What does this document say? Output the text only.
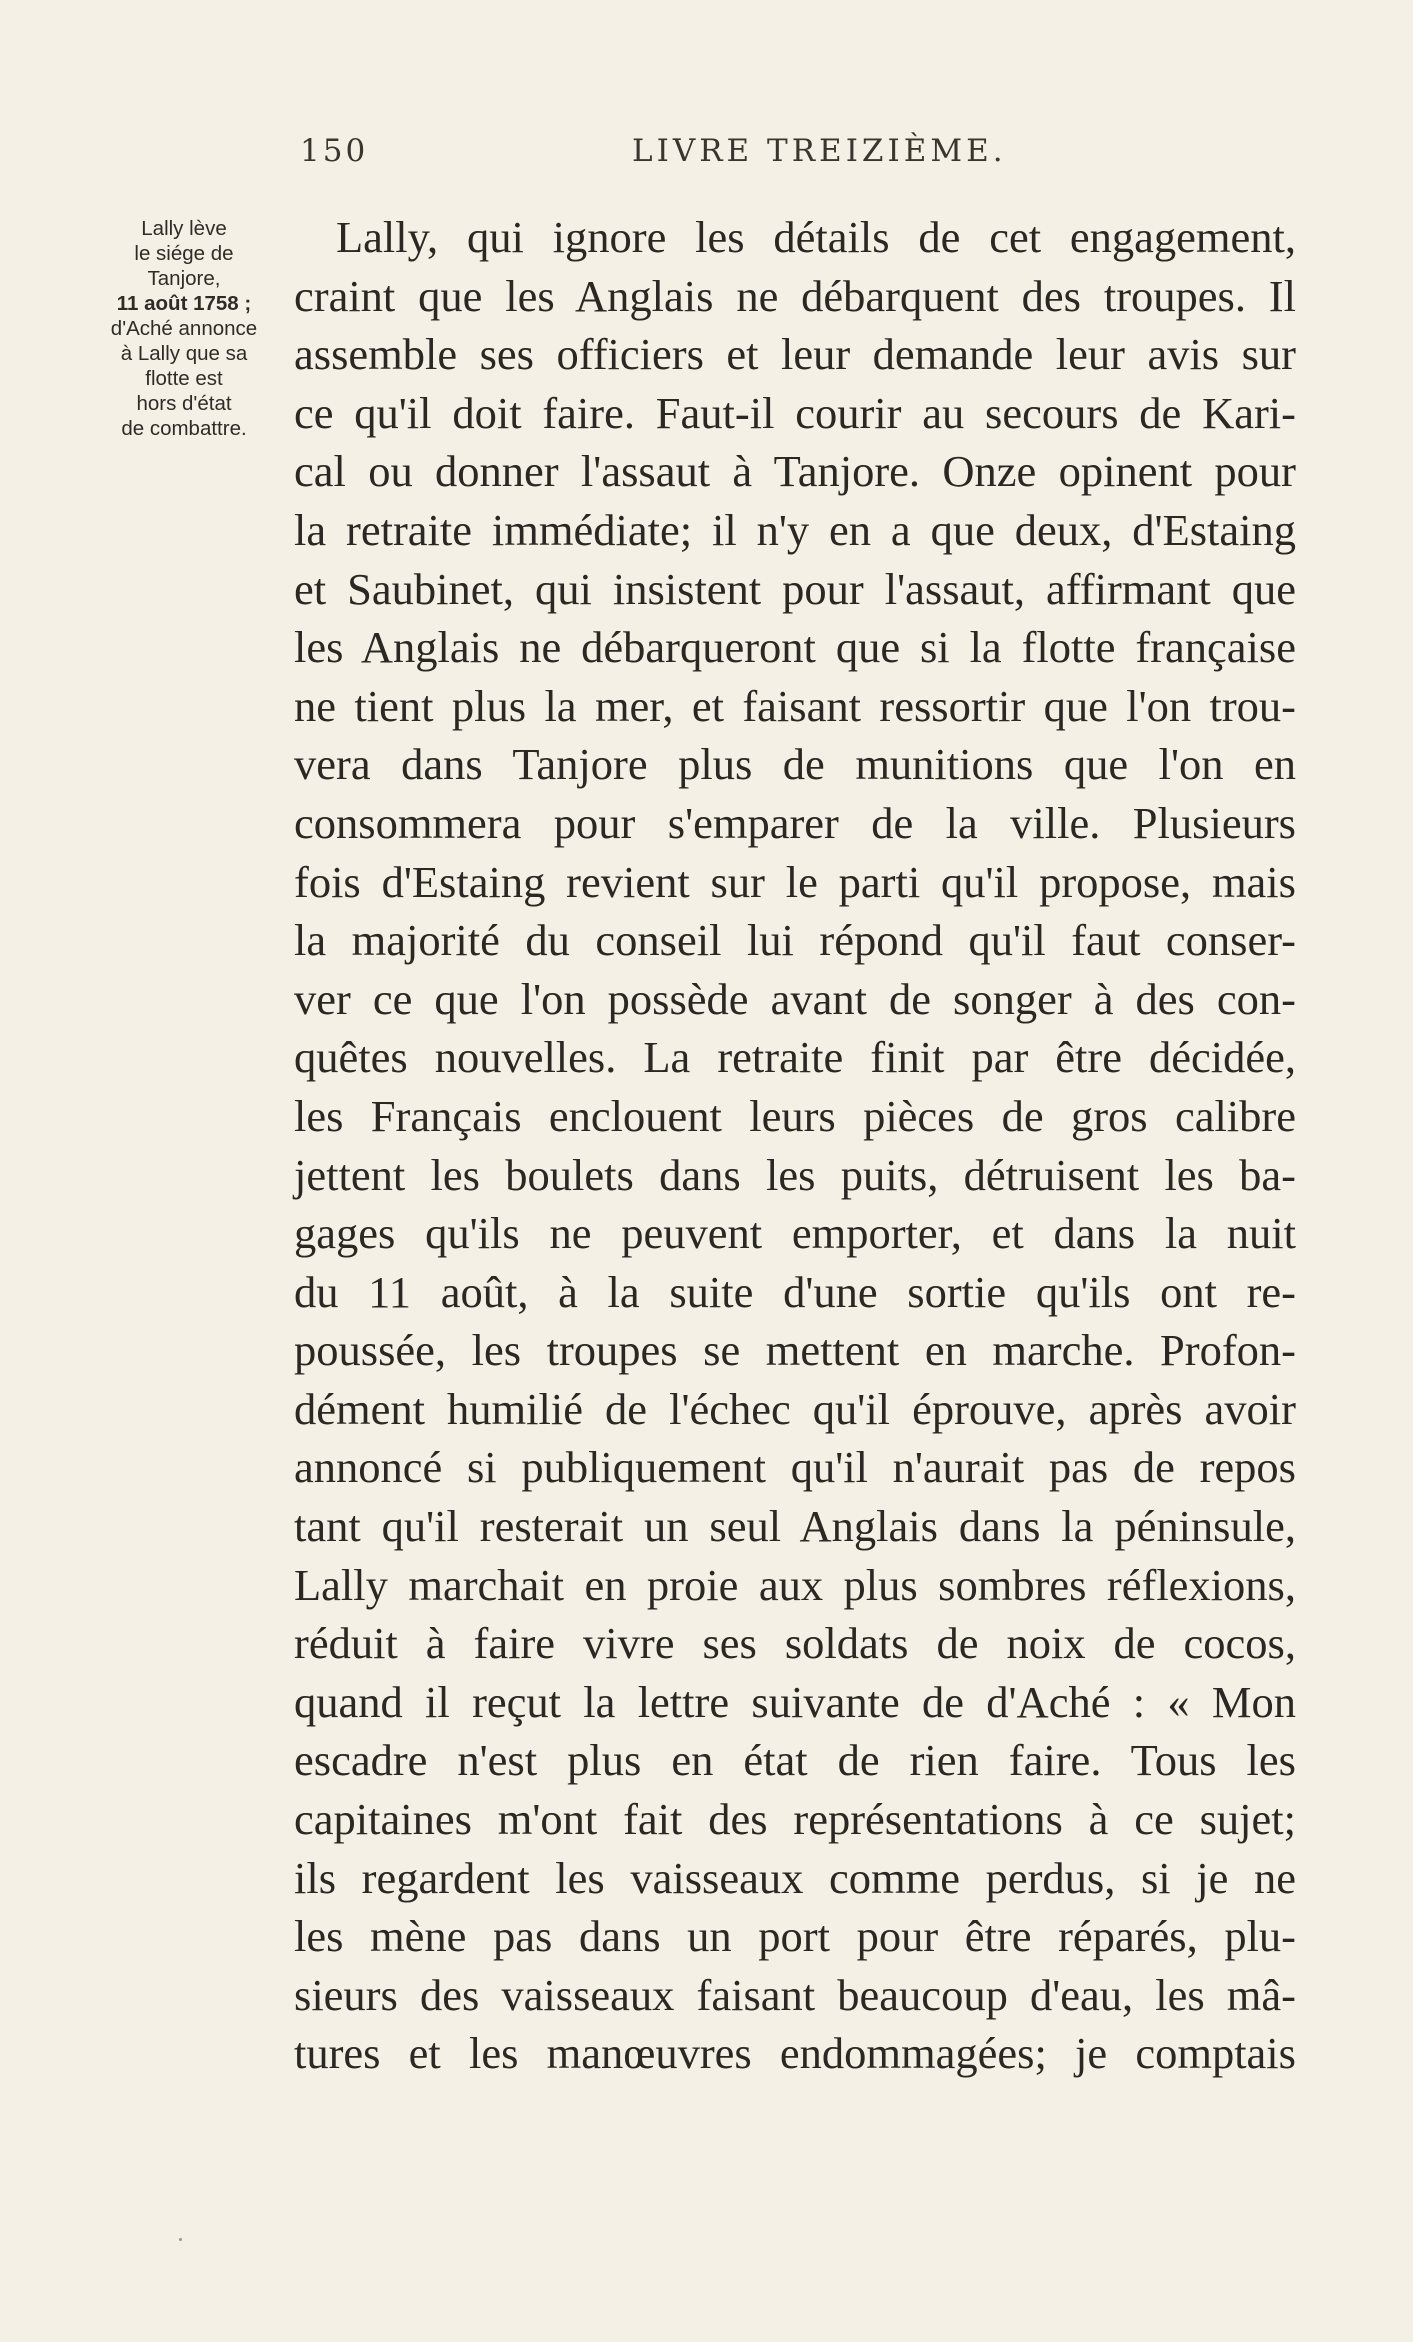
150	LIVRE TREIZIÈME.
Lally lève
le siége de
Tanjore,
11 août 1758 ;
d'Aché annonce
à Lally que sa
flotte est
hors d'état
de combattre.
Lally, qui ignore les détails de cet engagement,
craint que les Anglais ne débarquent des troupes. Il
assemble ses officiers et leur demande leur avis sur
ce qu'il doit faire. Faut-il courir au secours de Kari-
cal ou donner l'assaut à Tanjore. Onze opinent pour
la retraite immédiate; il n'y en a que deux, d'Estaing
et Saubinet, qui insistent pour l'assaut, affirmant que
les Anglais ne débarqueront que si la flotte française
ne tient plus la mer, et faisant ressortir que l'on trou-
vera dans Tanjore plus de munitions que l'on en
consommera pour s'emparer de la ville. Plusieurs
fois d'Estaing revient sur le parti qu'il propose, mais
la majorité du conseil lui répond qu'il faut conser-
ver ce que l'on possède avant de songer à des con-
quêtes nouvelles. La retraite finit par être décidée,
les Français enclouent leurs pièces de gros calibre
jettent les boulets dans les puits, détruisent les ba-
gages qu'ils ne peuvent emporter, et dans la nuit
du 11 août, à la suite d'une sortie qu'ils ont re-
poussée, les troupes se mettent en marche. Profon-
dément humilié de l'échec qu'il éprouve, après avoir
annoncé si publiquement qu'il n'aurait pas de repos
tant qu'il resterait un seul Anglais dans la péninsule,
Lally marchait en proie aux plus sombres réflexions,
réduit à faire vivre ses soldats de noix de cocos,
quand il reçut la lettre suivante de d'Aché : « Mon
escadre n'est plus en état de rien faire. Tous les
capitaines m'ont fait des représentations à ce sujet;
ils regardent les vaisseaux comme perdus, si je ne
les mène pas dans un port pour être réparés, plu-
sieurs des vaisseaux faisant beaucoup d'eau, les mâ-
tures et les manœuvres endommagées; je comptais
